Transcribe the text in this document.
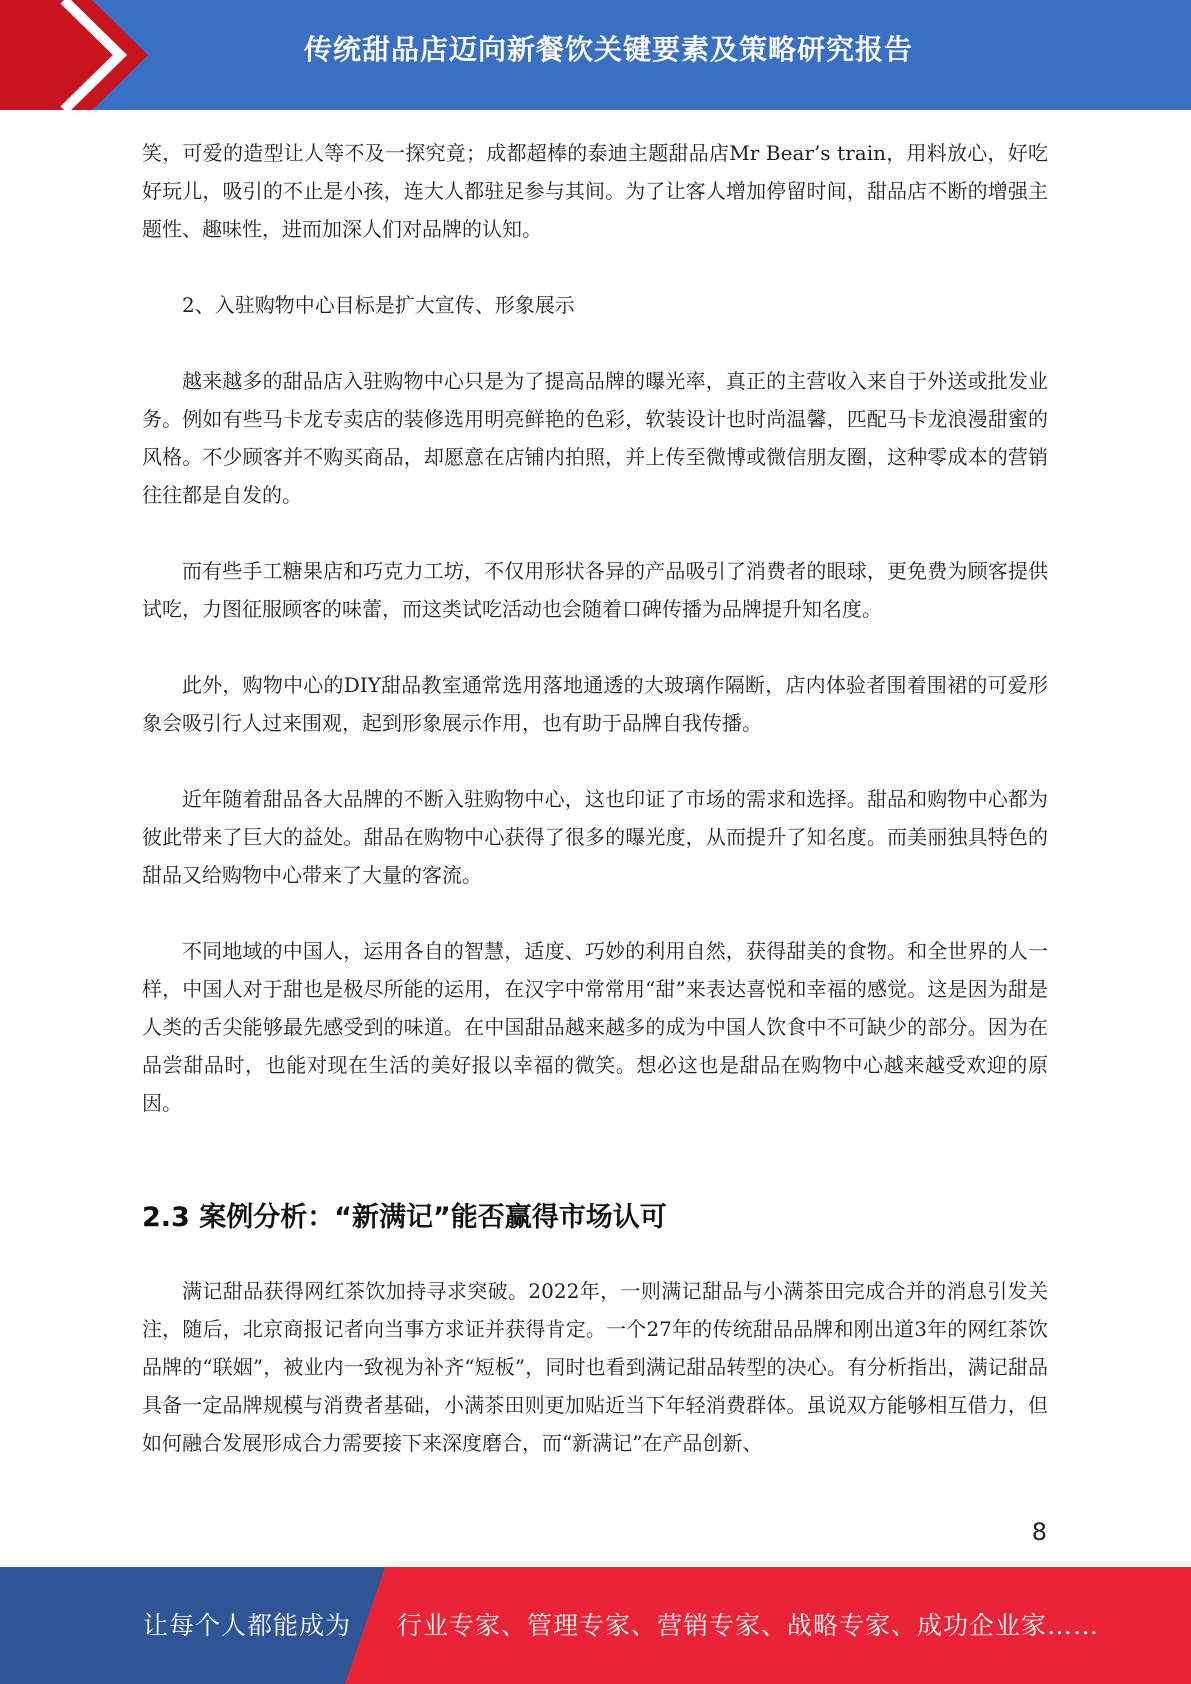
传统甜品店迈向新餐饮关键要素及策略研究报告

笑，可爱的造型让人等不及一探究竟；成都超棒的泰迪主题甜品店Mr Bear’s train，用料放心，好吃好玩儿，吸引的不止是小孩，连大人都驻足参与其间。为了让客人增加停留时间，甜品店不断的增强主题性、趣味性，进而加深人们对品牌的认知。

2、入驻购物中心目标是扩大宣传、形象展示

越来越多的甜品店入驻购物中心只是为了提高品牌的曝光率，真正的主营收入来自于外送或批发业务。例如有些马卡龙专卖店的装修选用明亮鲜艳的色彩，软装设计也时尚温馨，匹配马卡龙浪漫甜蜜的风格。不少顾客并不购买商品，却愿意在店铺内拍照，并上传至微博或微信朋友圈，这种零成本的营销往往都是自发的。

而有些手工糖果店和巧克力工坊，不仅用形状各异的产品吸引了消费者的眼球，更免费为顾客提供试吃，力图征服顾客的味蕾，而这类试吃活动也会随着口碑传播为品牌提升知名度。

此外，购物中心的DIY甜品教室通常选用落地通透的大玻璃作隔断，店内体验者围着围裙的可爱形象会吸引行人过来围观，起到形象展示作用，也有助于品牌自我传播。

近年随着甜品各大品牌的不断入驻购物中心，这也印证了市场的需求和选择。甜品和购物中心都为彼此带来了巨大的益处。甜品在购物中心获得了很多的曝光度，从而提升了知名度。而美丽独具特色的甜品又给购物中心带来了大量的客流。

不同地域的中国人，运用各自的智慧，适度、巧妙的利用自然，获得甜美的食物。和全世界的人一样，中国人对于甜也是极尽所能的运用，在汉字中常常用“甜”来表达喜悦和幸福的感觉。这是因为甜是人类的舌尖能够最先感受到的味道。在中国甜品越来越多的成为中国人饮食中不可缺少的部分。因为在品尝甜品时，也能对现在生活的美好报以幸福的微笑。想必这也是甜品在购物中心越来越受欢迎的原因。

2.3 案例分析：“新满记”能否赢得市场认可

满记甜品获得网红茶饮加持寻求突破。2022年，一则满记甜品与小满茶田完成合并的消息引发关注，随后，北京商报记者向当事方求证并获得肯定。一个27年的传统甜品品牌和刚出道3年的网红茶饮品牌的“联姻”，被业内一致视为补齐“短板”，同时也看到满记甜品转型的决心。有分析指出，满记甜品具备一定品牌规模与消费者基础，小满茶田则更加贴近当下年轻消费群体。虽说双方能够相互借力，但如何融合发展形成合力需要接下来深度磨合，而“新满记”在产品创新、

8
让每个人都能成为 行业专家、管理专家、营销专家、战略专家、成功企业家……
